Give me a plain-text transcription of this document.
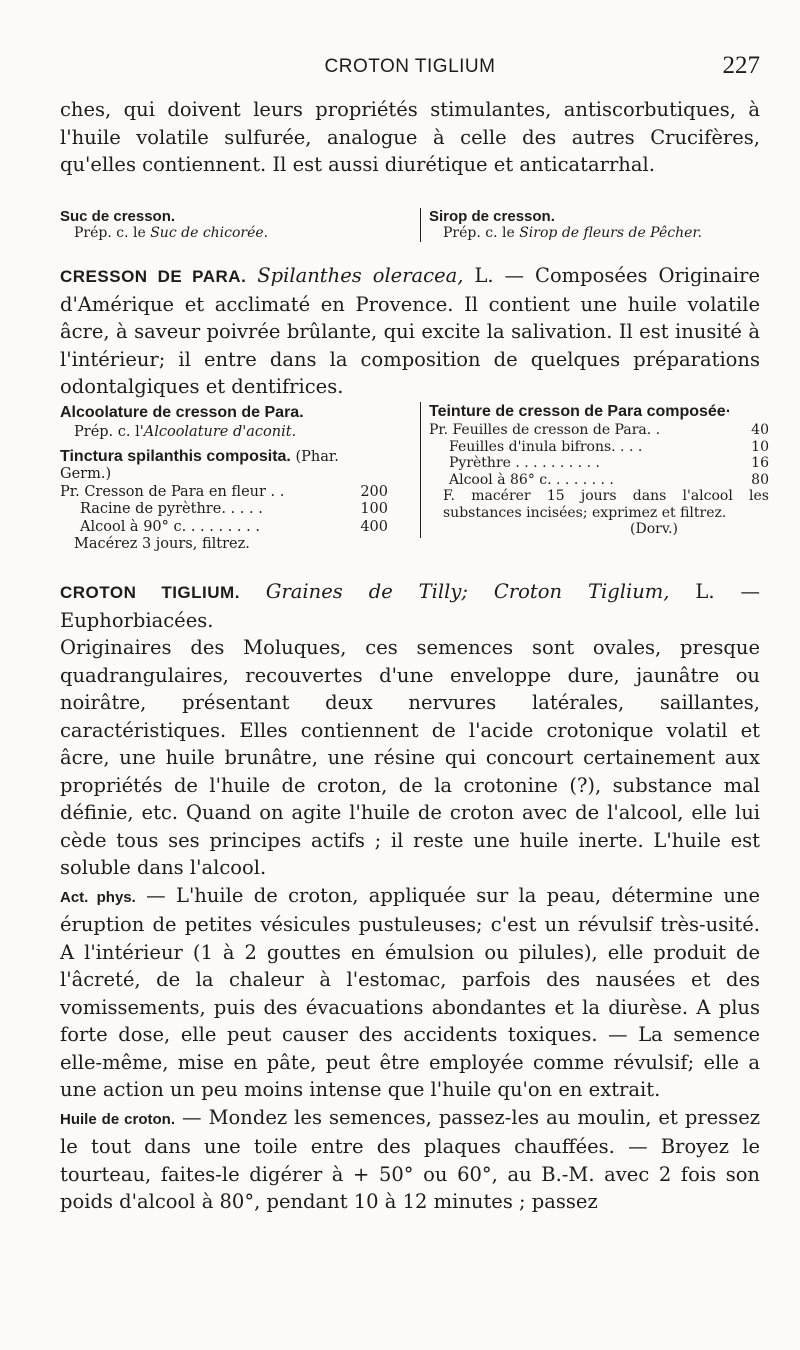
CROTON TIGLIUM	227

ches, qui doivent leurs propriétés stimulantes, antiscorbutiques, à l'huile volatile sulfurée, analogue à celle des autres Crucifères, qu'elles contiennent. Il est aussi diurétique et anticatarrhal.

Suc de cresson.
Prép. c. le Suc de chicorée.
Sirop de cresson.
Prép. c. le Sirop de fleurs de Pêcher.

CRESSON DE PARA. Spilanthes oleracea, L. — Composées Originaire d'Amérique et acclimaté en Provence. Il contient une huile volatile âcre, à saveur poivrée brûlante, qui excite la salivation. Il est inusité à l'intérieur; il entre dans la composition de quelques préparations odontalgiques et dentifrices.

Alcoolature de cresson de Para.
Prép. c. l'Alcoolature d'aconit.
Tinctura spilanthis composita. (Phar. Germ.)
Pr. Cresson de Para en fleur . .	200
Racine de pyrèthre. . . . .	100
Alcool à 90° c. . . . . . . . .	400
Macérez 3 jours, filtrez.
Teinture de cresson de Para composée·
Pr. Feuilles de cresson de Para. .	40
Feuilles d'inula bifrons. . . .	10
Pyrèthre . . . . . . . . . .	16
Alcool à 86° c. . . . . . . .	80
F. macérer 15 jours dans l'alcool les substances incisées; exprimez et filtrez.
(Dorv.)

CROTON TIGLIUM. Graines de Tilly; Croton Tiglium, L. — Euphorbiacées.

Originaires des Moluques, ces semences sont ovales, presque quadrangulaires, recouvertes d'une enveloppe dure, jaunâtre ou noirâtre, présentant deux nervures latérales, saillantes, caractéristiques. Elles contiennent de l'acide crotonique volatil et âcre, une huile brunâtre, une résine qui concourt certainement aux propriétés de l'huile de croton, de la crotonine (?), substance mal définie, etc. Quand on agite l'huile de croton avec de l'alcool, elle lui cède tous ses principes actifs ; il reste une huile inerte. L'huile est soluble dans l'alcool.

Act. phys. — L'huile de croton, appliquée sur la peau, détermine une éruption de petites vésicules pustuleuses; c'est un révulsif très-usité. A l'intérieur (1 à 2 gouttes en émulsion ou pilules), elle produit de l'âcreté, de la chaleur à l'estomac, parfois des nausées et des vomissements, puis des évacuations abondantes et la diurèse. A plus forte dose, elle peut causer des accidents toxiques. — La semence elle-même, mise en pâte, peut être employée comme révulsif; elle a une action un peu moins intense que l'huile qu'on en extrait.

Huile de croton. — Mondez les semences, passez-les au moulin, et pressez le tout dans une toile entre des plaques chauffées. — Broyez le tourteau, faites-le digérer à + 50° ou 60°, au B.-M. avec 2 fois son poids d'alcool à 80°, pendant 10 à 12 minutes ; passez
